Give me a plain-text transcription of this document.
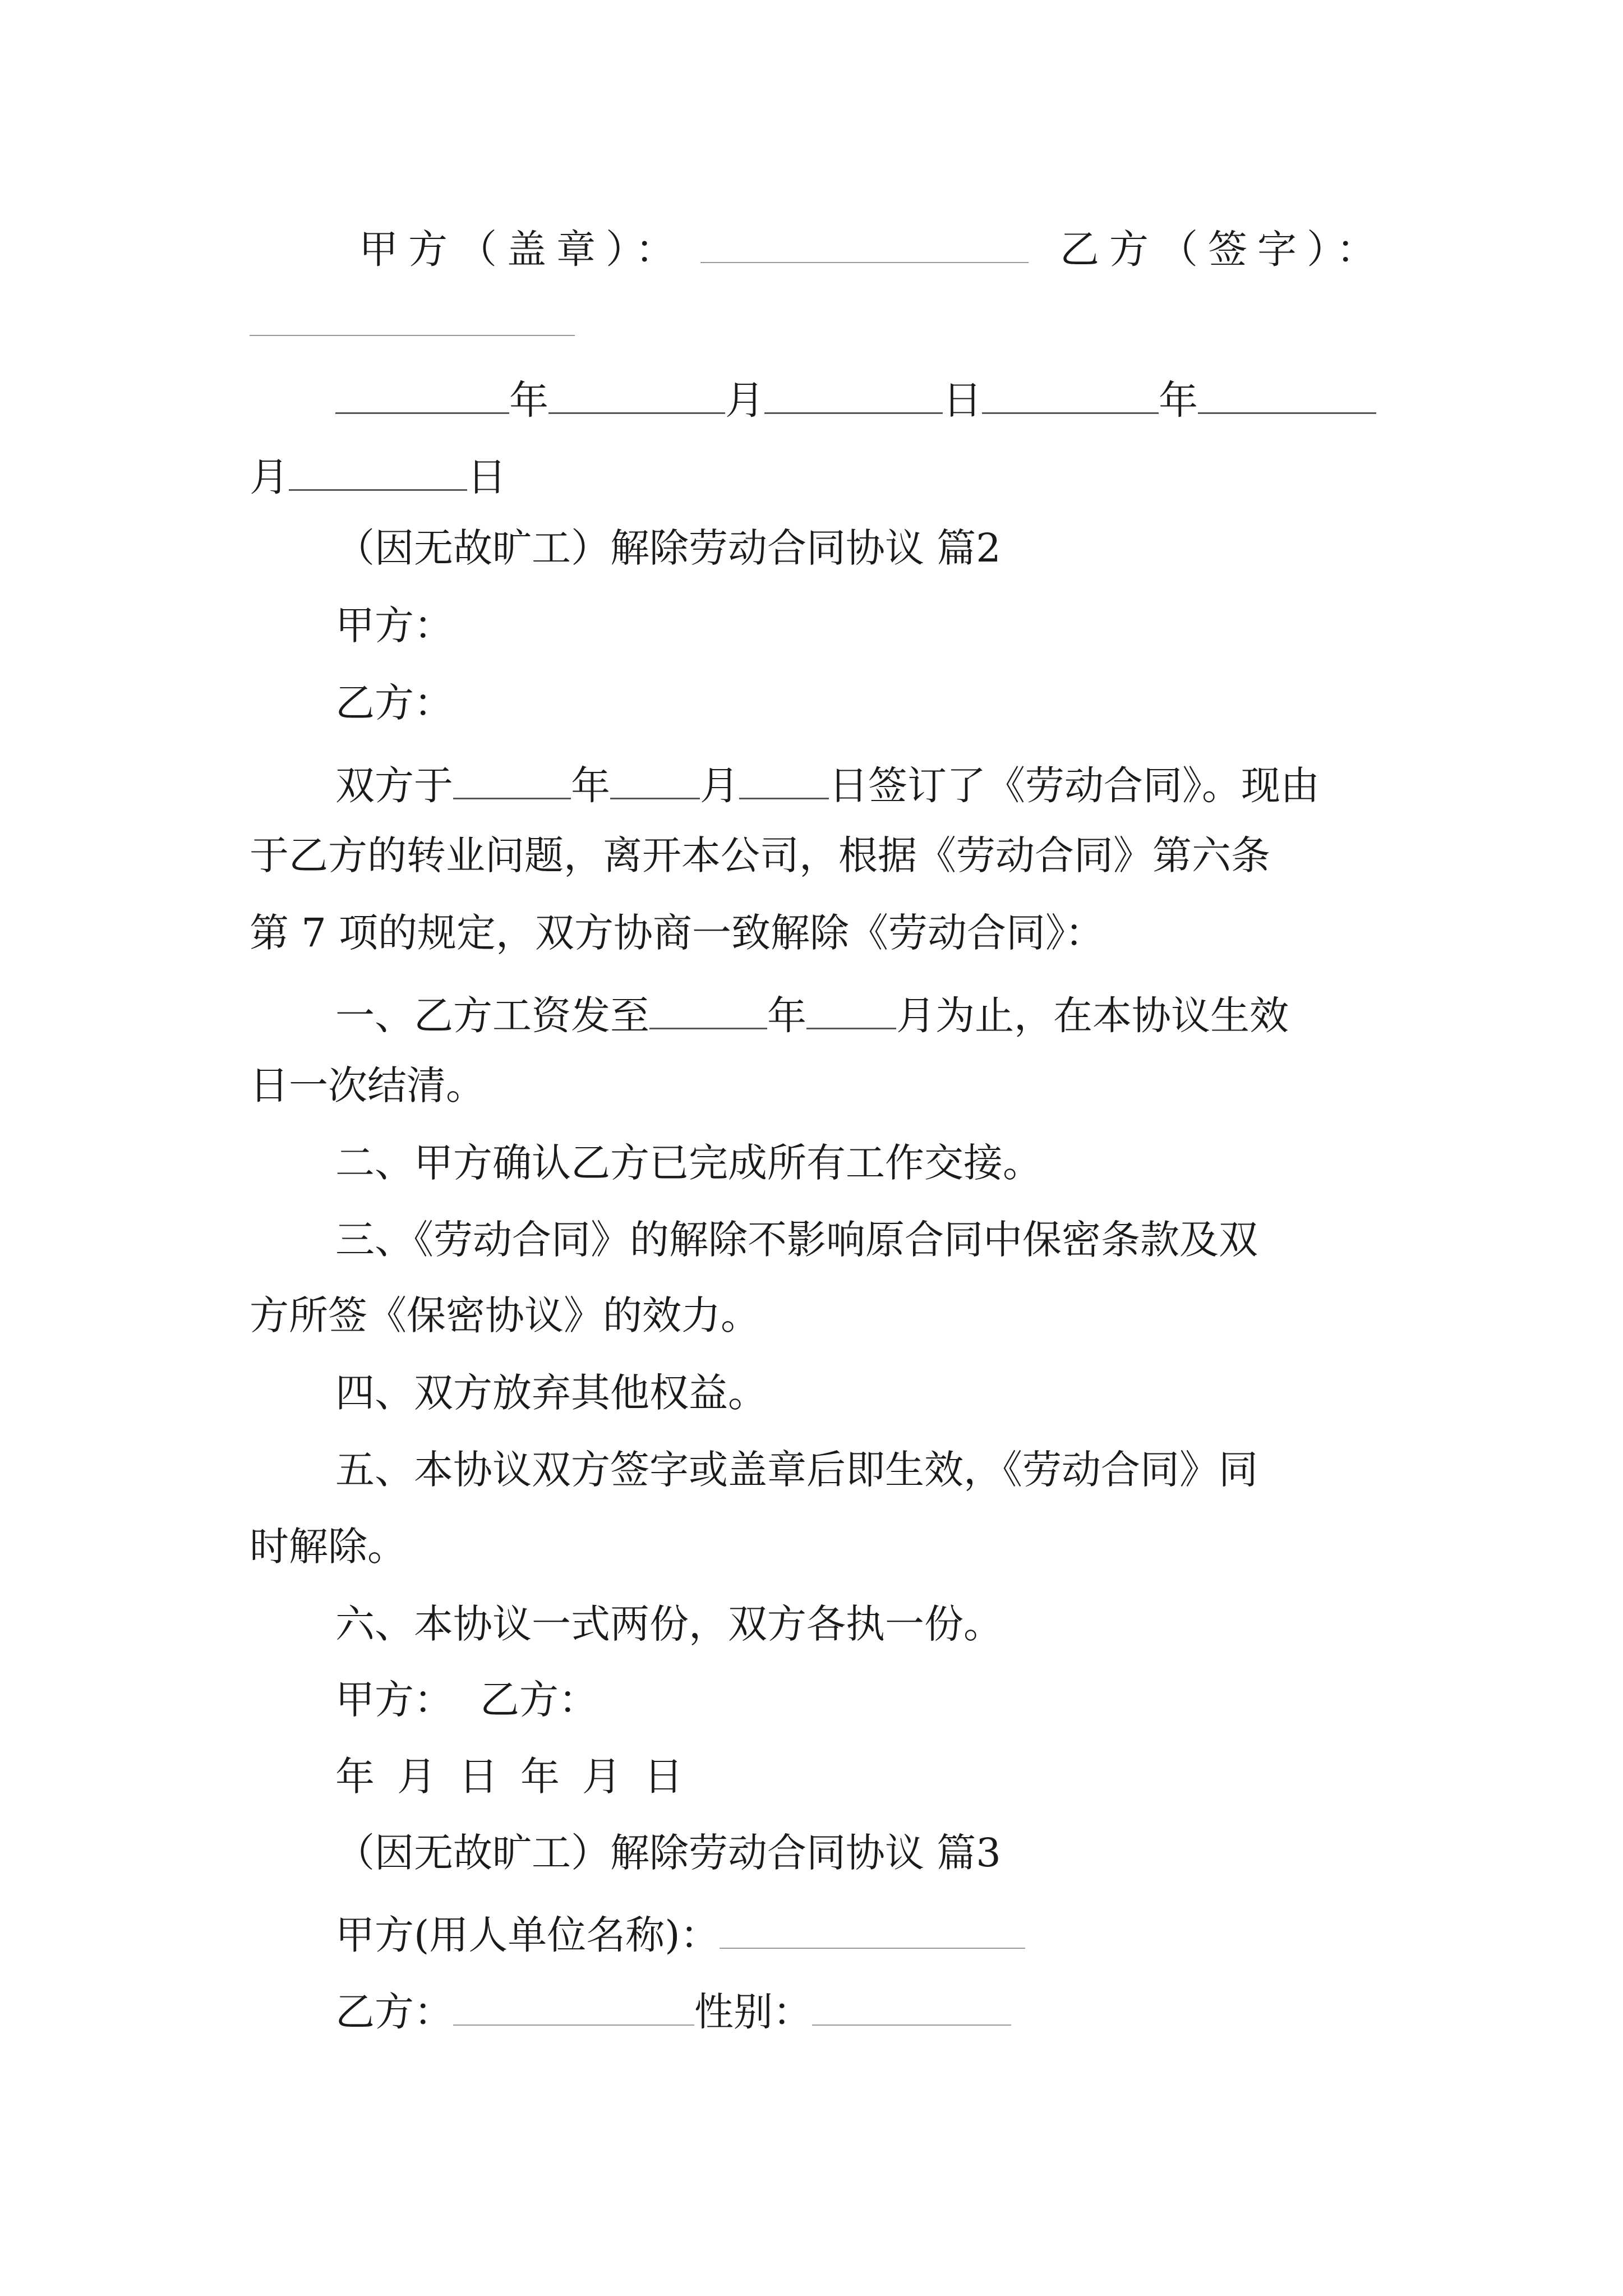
甲方（盖章）：	乙方（签字）：
年	月	日	年
月	日
（因无故旷工）解除劳动合同协议 篇2
甲方：
乙方：
双方于	年 月 日签订了《劳动合同》。现由
于乙方的转业问题，离开本公司，根据《劳动合同》第六条
第 7 项的规定，双方协商一致解除《劳动合同》：
一、乙方工资发至	年 月为止，在本协议生效
日一次结清。
二、甲方确认乙方已完成所有工作交接。
三、《劳动合同》的解除不影响原合同中保密条款及双
方所签《保密协议》的效力。
四、双方放弃其他权益。
五、本协议双方签字或盖章后即生效，《劳动合同》同
时解除。
六、本协议一式两份，双方各执一份。
甲方： 乙方：
年 月 日 年 月 日
（因无故旷工）解除劳动合同协议 篇3
甲方(用人单位名称)：
乙方：	性别：
